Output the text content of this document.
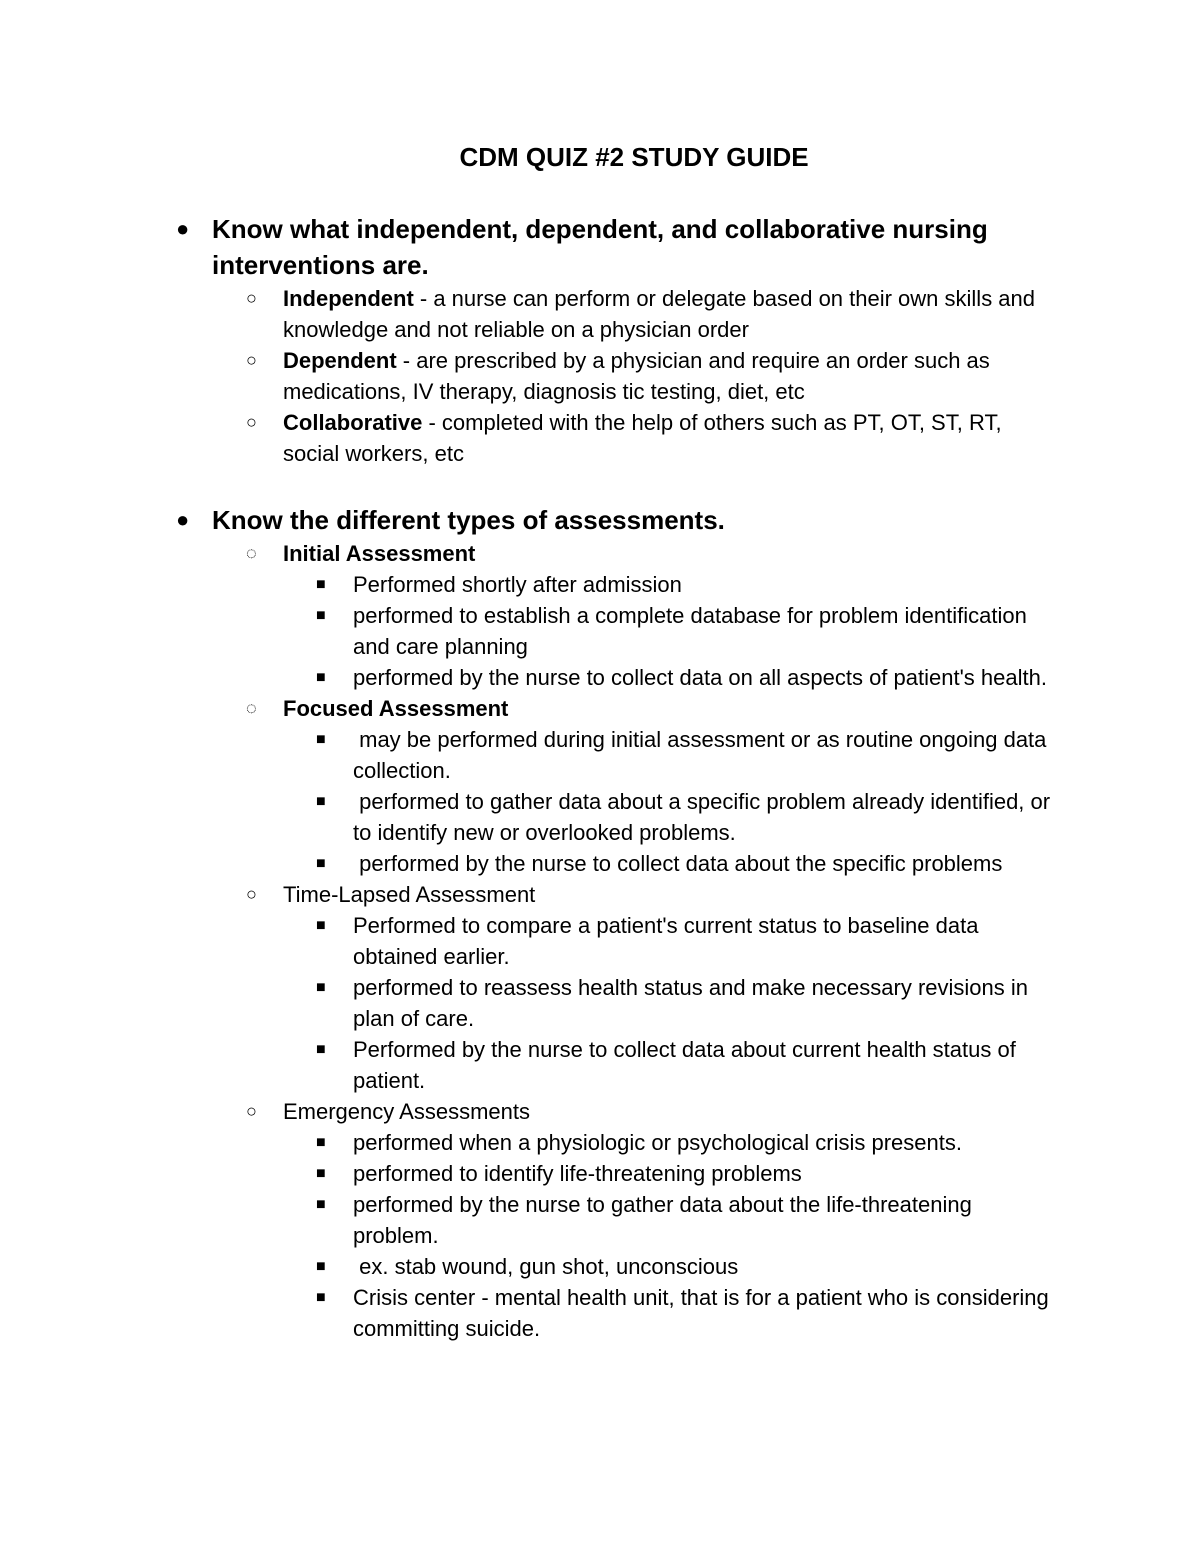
CDM QUIZ #2 STUDY GUIDE
● Know what independent, dependent, and collaborative nursing interventions are.
○	Independent - a nurse can perform or delegate based on their own skills and knowledge and not reliable on a physician order
○	Dependent - are prescribed by a physician and require an order such as medications, IV therapy, diagnosis tic testing, diet, etc
○	Collaborative - completed with the help of others such as PT, OT, ST, RT, social workers, etc
● Know the different types of assessments.
◌	Initial Assessment
■	Performed shortly after admission
■	performed to establish a complete database for problem identification and care planning
■	performed by the nurse to collect data on all aspects of patient's health.
◌	Focused Assessment
■	may be performed during initial assessment or as routine ongoing data collection.
■	performed to gather data about a specific problem already identified, or to identify new or overlooked problems.
■	performed by the nurse to collect data about the specific problems
○	Time-Lapsed Assessment
■	Performed to compare a patient's current status to baseline data obtained earlier.
■	performed to reassess health status and make necessary revisions in plan of care.
■	Performed by the nurse to collect data about current health status of patient.
○	Emergency Assessments
■	performed when a physiologic or psychological crisis presents.
■	performed to identify life-threatening problems
■	performed by the nurse to gather data about the life-threatening problem.
■	ex. stab wound, gun shot, unconscious
■	Crisis center - mental health unit, that is for a patient who is considering committing suicide.
